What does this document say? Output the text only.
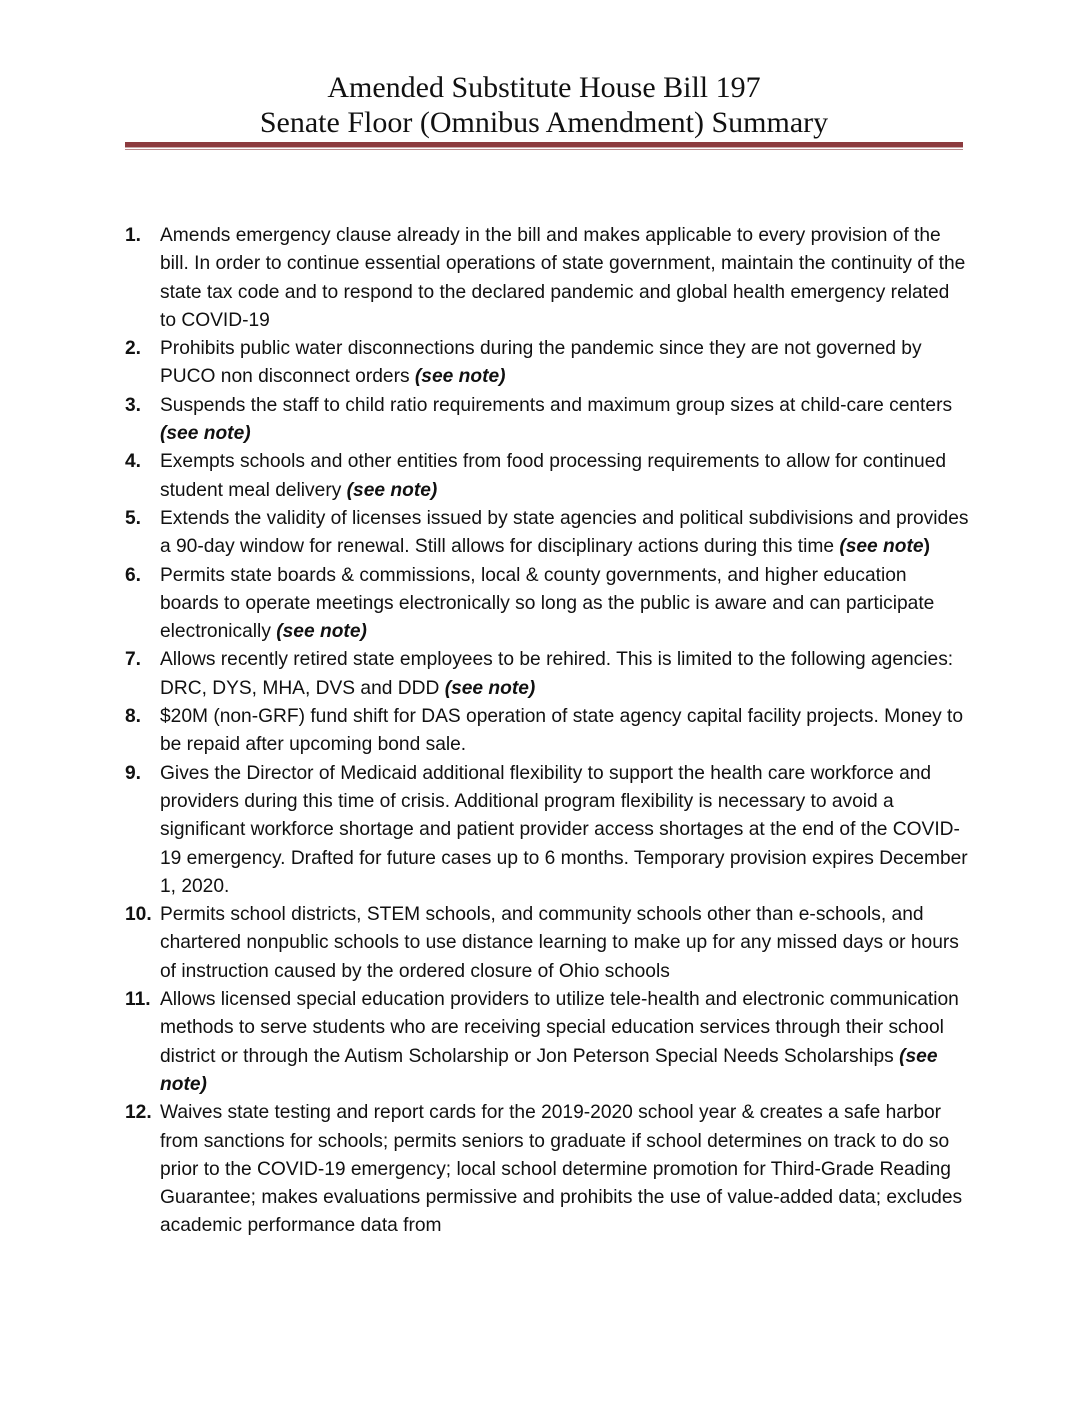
Amended Substitute House Bill 197
Senate Floor (Omnibus Amendment) Summary
1. Amends emergency clause already in the bill and makes applicable to every provision of the bill. In order to continue essential operations of state government, maintain the continuity of the state tax code and to respond to the declared pandemic and global health emergency related to COVID-19
2. Prohibits public water disconnections during the pandemic since they are not governed by PUCO non disconnect orders (see note)
3. Suspends the staff to child ratio requirements and maximum group sizes at child-care centers (see note)
4. Exempts schools and other entities from food processing requirements to allow for continued student meal delivery (see note)
5. Extends the validity of licenses issued by state agencies and political subdivisions and provides a 90-day window for renewal. Still allows for disciplinary actions during this time (see note)
6. Permits state boards & commissions, local & county governments, and higher education boards to operate meetings electronically so long as the public is aware and can participate electronically (see note)
7. Allows recently retired state employees to be rehired. This is limited to the following agencies: DRC, DYS, MHA, DVS and DDD (see note)
8. $20M (non-GRF) fund shift for DAS operation of state agency capital facility projects. Money to be repaid after upcoming bond sale.
9. Gives the Director of Medicaid additional flexibility to support the health care workforce and providers during this time of crisis. Additional program flexibility is necessary to avoid a significant workforce shortage and patient provider access shortages at the end of the COVID-19 emergency. Drafted for future cases up to 6 months. Temporary provision expires December 1, 2020.
10. Permits school districts, STEM schools, and community schools other than e-schools, and chartered nonpublic schools to use distance learning to make up for any missed days or hours of instruction caused by the ordered closure of Ohio schools
11. Allows licensed special education providers to utilize tele-health and electronic communication methods to serve students who are receiving special education services through their school district or through the Autism Scholarship or Jon Peterson Special Needs Scholarships (see note)
12. Waives state testing and report cards for the 2019-2020 school year & creates a safe harbor from sanctions for schools; permits seniors to graduate if school determines on track to do so prior to the COVID-19 emergency; local school determine promotion for Third-Grade Reading Guarantee; makes evaluations permissive and prohibits the use of value-added data; excludes academic performance data from
